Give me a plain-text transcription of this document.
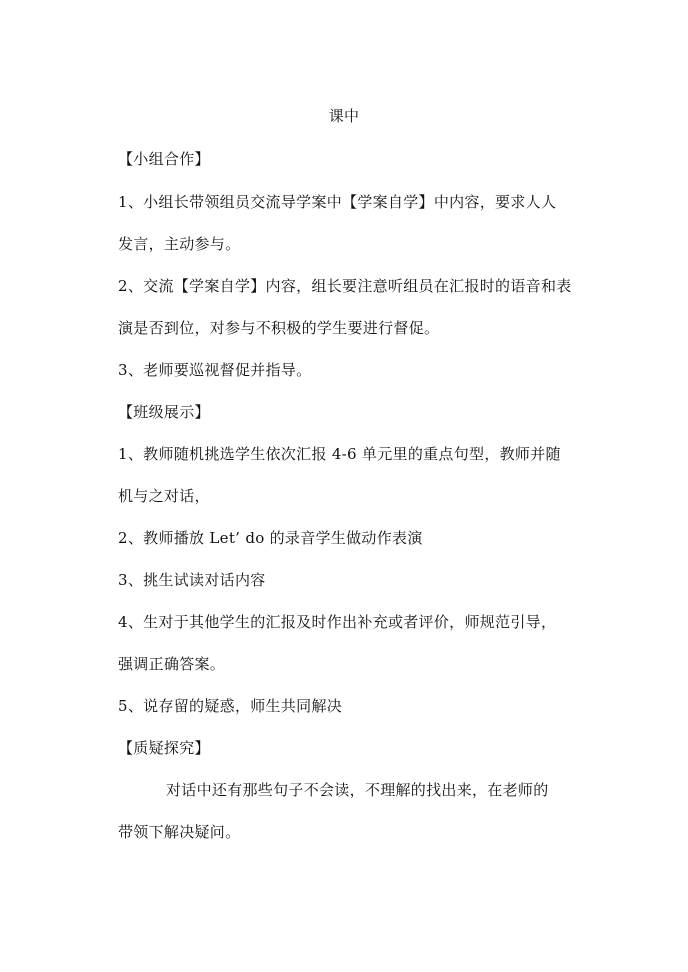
课中
【小组合作】
1、小组长带领组员交流导学案中【学案自学】中内容，要求人人
发言，主动参与。
2、交流【学案自学】内容，组长要注意听组员在汇报时的语音和表
演是否到位，对参与不积极的学生要进行督促。
3、老师要巡视督促并指导。
【班级展示】
1、教师随机挑选学生依次汇报 4-6 单元里的重点句型，教师并随
机与之对话，
2、教师播放 Let’ do 的录音学生做动作表演
3、挑生试读对话内容
4、生对于其他学生的汇报及时作出补充或者评价，师规范引导，
强调正确答案。
5、说存留的疑惑，师生共同解决
【质疑探究】
对话中还有那些句子不会读，不理解的找出来，在老师的
带领下解决疑问。
